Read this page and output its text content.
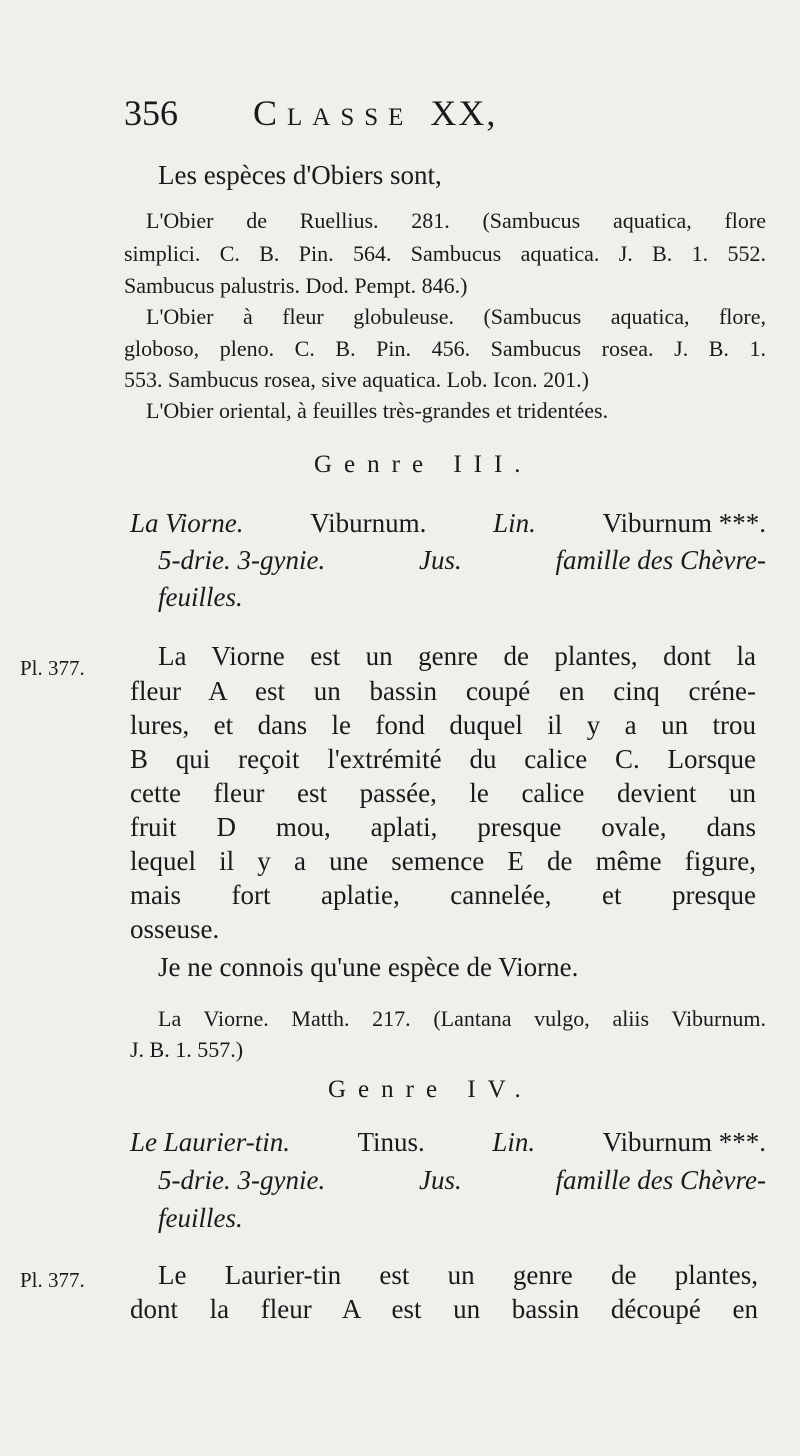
356 Classe XX,
Les espèces d'Obiers sont,
L'Obier de Ruellius. 281. (Sambucus aquatica, flore
simplici. C. B. Pin. 564. Sambucus aquatica. J. B. 1. 552.
Sambucus palustris. Dod. Pempt. 846.)
L'Obier à fleur globuleuse. (Sambucus aquatica, flore,
globoso, pleno. C. B. Pin. 456. Sambucus rosea. J. B. 1.
553. Sambucus rosea, sive aquatica. Lob. Icon. 201.)
L'Obier oriental, à feuilles très-grandes et tridentées.
Genre III.
La Viorne. Viburnum. Lin. Viburnum ***.
5-drie. 3-gynie.	Jus.	famille des Chèvre-
feuilles.
Pl. 377.	La Viorne est un genre de plantes, dont la
fleur A est un bassin coupé en cinq créne-
lures, et dans le fond duquel il y a un trou
B qui reçoit l'extrémité du calice C. Lorsque
cette fleur est passée, le calice devient un
fruit D mou, aplati, presque ovale, dans
lequel il y a une semence E de même figure,
mais fort aplatie, cannelée, et presque
osseuse.
Je ne connois qu'une espèce de Viorne.
La Viorne. Matth. 217. (Lantana vulgo, aliis Viburnum.
J. B. 1. 557.)
Genre IV.
Le Laurier-tin.	Tinus.	Lin.	Viburnum ***.
5-drie. 3-gynie.	Jus.	famille des Chèvre-
feuilles.
Pl. 377.	Le Laurier-tin est un genre de plantes,
dont la fleur A est un bassin découpé en
